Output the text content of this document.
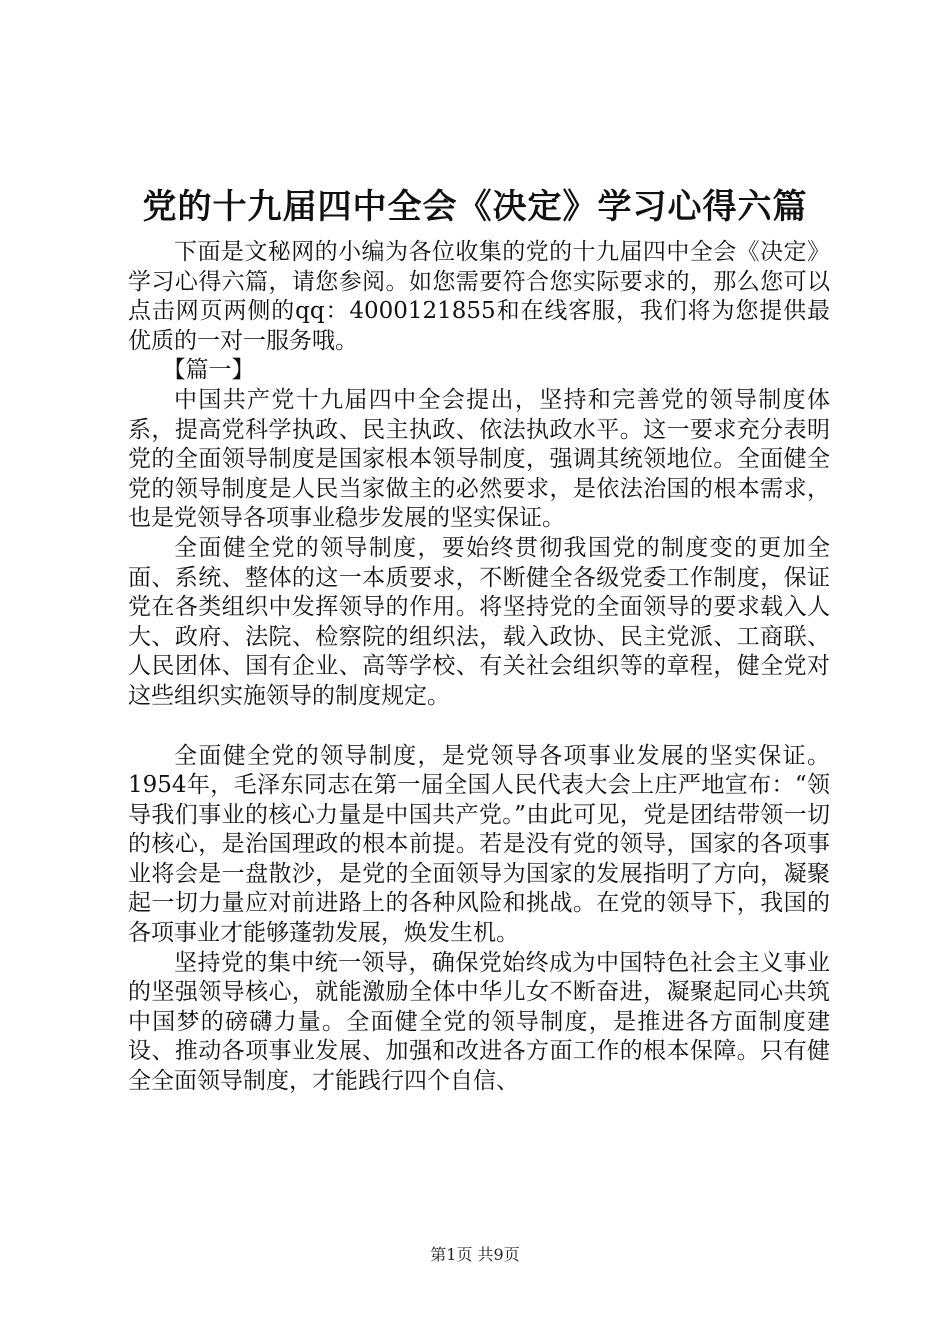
党的十九届四中全会《决定》学习心得六篇

下面是文秘网的小编为各位收集的党的十九届四中全会《决定》学习心得六篇，请您参阅。如您需要符合您实际要求的，那么您可以点击网页两侧的qq：4000121855和在线客服，我们将为您提供最优质的一对一服务哦。

【篇一】

中国共产党十九届四中全会提出，坚持和完善党的领导制度体系，提高党科学执政、民主执政、依法执政水平。这一要求充分表明党的全面领导制度是国家根本领导制度，强调其统领地位。全面健全党的领导制度是人民当家做主的必然要求，是依法治国的根本需求，也是党领导各项事业稳步发展的坚实保证。

全面健全党的领导制度，要始终贯彻我国党的制度变的更加全面、系统、整体的这一本质要求，不断健全各级党委工作制度，保证党在各类组织中发挥领导的作用。将坚持党的全面领导的要求载入人大、政府、法院、检察院的组织法，载入政协、民主党派、工商联、人民团体、国有企业、高等学校、有关社会组织等的章程，健全党对这些组织实施领导的制度规定。

全面健全党的领导制度，是党领导各项事业发展的坚实保证。1954年，毛泽东同志在第一届全国人民代表大会上庄严地宣布：“领导我们事业的核心力量是中国共产党。”由此可见，党是团结带领一切的核心，是治国理政的根本前提。若是没有党的领导，国家的各项事业将会是一盘散沙，是党的全面领导为国家的发展指明了方向，凝聚起一切力量应对前进路上的各种风险和挑战。在党的领导下，我国的各项事业才能够蓬勃发展，焕发生机。

坚持党的集中统一领导，确保党始终成为中国特色社会主义事业的坚强领导核心，就能激励全体中华儿女不断奋进，凝聚起同心共筑中国梦的磅礴力量。全面健全党的领导制度，是推进各方面制度建设、推动各项事业发展、加强和改进各方面工作的根本保障。只有健全全面领导制度，才能践行四个自信、

第1页 共9页
